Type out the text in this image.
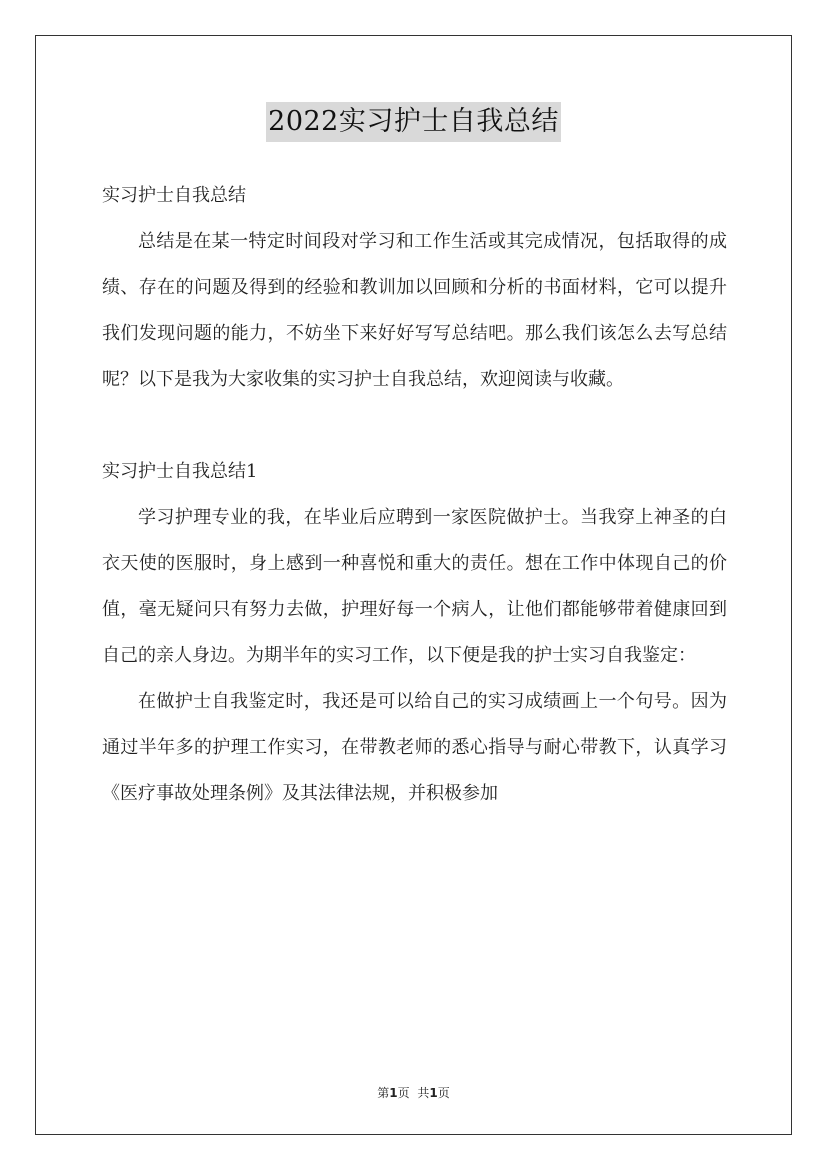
2022实习护士自我总结

实习护士自我总结

总结是在某一特定时间段对学习和工作生活或其完成情况，包括取得的成绩、存在的问题及得到的经验和教训加以回顾和分析的书面材料，它可以提升我们发现问题的能力，不妨坐下来好好写写总结吧。那么我们该怎么去写总结呢？以下是我为大家收集的实习护士自我总结，欢迎阅读与收藏。

实习护士自我总结1

学习护理专业的我，在毕业后应聘到一家医院做护士。当我穿上神圣的白衣天使的医服时，身上感到一种喜悦和重大的责任。想在工作中体现自己的价值，毫无疑问只有努力去做，护理好每一个病人，让他们都能够带着健康回到自己的亲人身边。为期半年的实习工作，以下便是我的护士实习自我鉴定：

在做护士自我鉴定时，我还是可以给自己的实习成绩画上一个句号。因为通过半年多的护理工作实习，在带教老师的悉心指导与耐心带教下，认真学习《医疗事故处理条例》及其法律法规，并积极参加

第1页 共1页
